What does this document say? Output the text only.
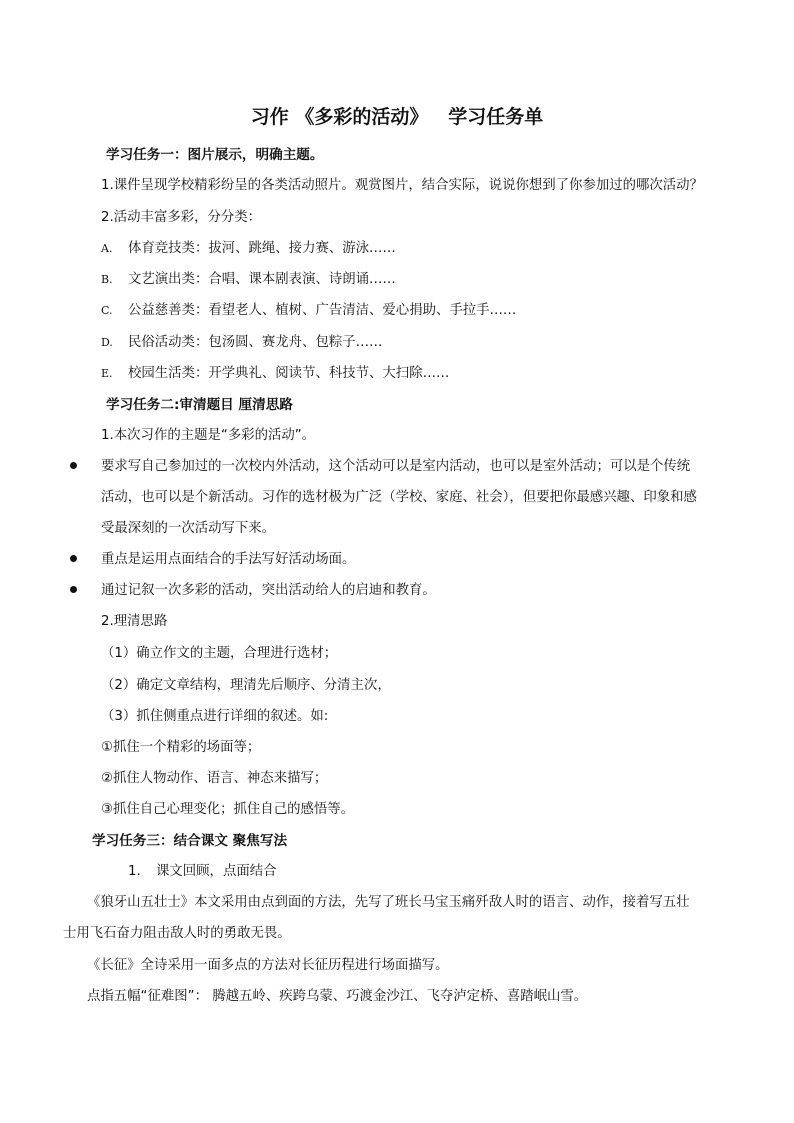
习作 《多彩的活动》   学习任务单
学习任务一：图片展示，明确主题。
1.课件呈现学校精彩纷呈的各类活动照片。观赏图片，结合实际，说说你想到了你参加过的哪次活动？
2.活动丰富多彩，分分类：
A. 体育竞技类：拔河、跳绳、接力赛、游泳……
B. 文艺演出类：合唱、课本剧表演、诗朗诵……
C. 公益慈善类：看望老人、植树、广告清洁、爱心捐助、手拉手……
D. 民俗活动类：包汤圆、赛龙舟、包粽子……
E. 校园生活类：开学典礼、阅读节、科技节、大扫除……
学习任务二:审清题目 厘清思路
1.本次习作的主题是“多彩的活动”。
要求写自己参加过的一次校内外活动，这个活动可以是室内活动，也可以是室外活动；可以是个传统
活动，也可以是个新活动。习作的选材极为广泛（学校、家庭、社会），但要把你最感兴趣、印象和感
受最深刻的一次活动写下来。
重点是运用点面结合的手法写好活动场面。
通过记叙一次多彩的活动，突出活动给人的启迪和教育。
2.理清思路
（1）确立作文的主题，合理进行选材；
（2）确定文章结构，理清先后顺序、分清主次，
（3）抓住侧重点进行详细的叙述。如:
①抓住一个精彩的场面等；
②抓住人物动作、语言、神态来描写；
③抓住自己心理变化；抓住自己的感悟等。
学习任务三：结合课文 聚焦写法
1. 课文回顾，点面结合
《狼牙山五壮士》本文采用由点到面的方法，先写了班长马宝玉痛歼敌人时的语言、动作，接着写五壮
士用飞石奋力阻击敌人时的勇敢无畏。
《长征》全诗采用一面多点的方法对长征历程进行场面描写。
点指五幅“征难图”： 腾越五岭、疾跨乌蒙、巧渡金沙江、飞夺泸定桥、喜踏岷山雪。
